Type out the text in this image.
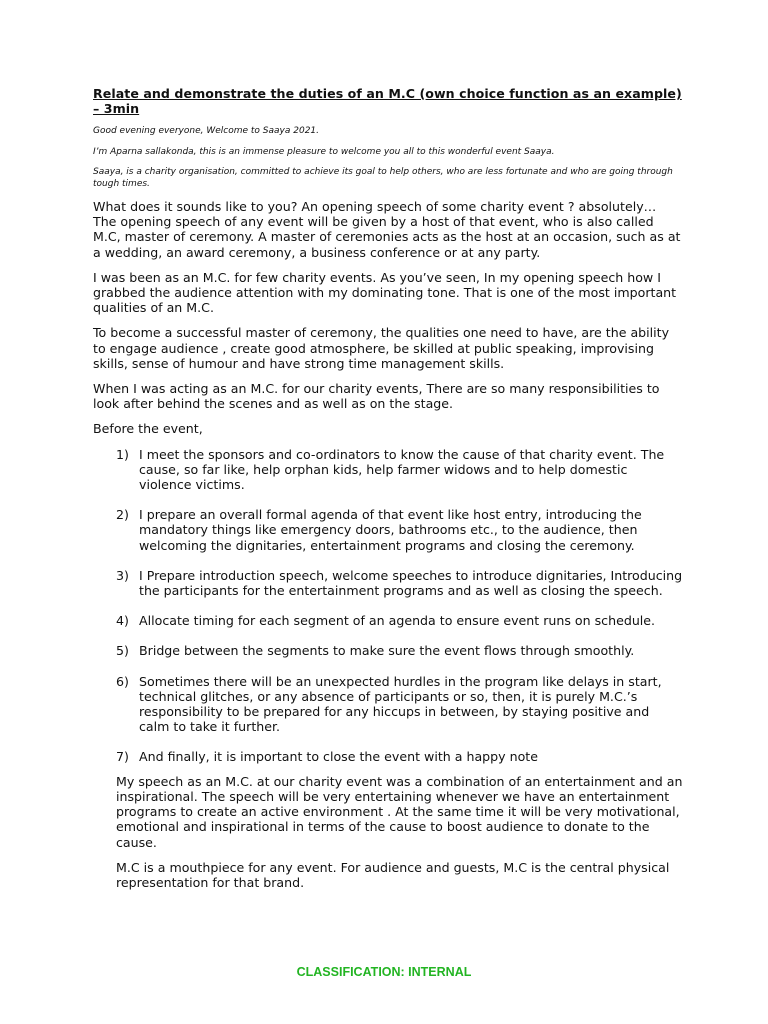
Relate and demonstrate the duties of an M.C (own choice function as an example) – 3min
Good evening everyone, Welcome to Saaya 2021.
I’m Aparna sallakonda, this is an immense pleasure to welcome you all to this wonderful event Saaya.
Saaya, is a charity organisation, committed to achieve its goal to help others, who are less fortunate and who are going through tough times.

What does it sounds like to you? An opening speech of some charity event ? absolutely… The opening speech of any event will be given by a host of that event, who is also called M.C, master of ceremony. A master of ceremonies acts as the host at an occasion, such as at a wedding, an award ceremony, a business conference or at any party.

I was been as an M.C. for few charity events. As you’ve seen, In my opening speech how I grabbed the audience attention with my dominating tone. That is one of the most important qualities of an M.C.

To become a successful master of ceremony, the qualities one need to have, are the ability to engage audience , create good atmosphere, be skilled at public speaking, improvising skills, sense of humour and have strong time management skills.

When I was acting as an M.C. for our charity events, There are so many responsibilities to look after behind the scenes and as well as on the stage.

Before the event,

1) I meet the sponsors and co-ordinators to know the cause of that charity event. The cause, so far like, help orphan kids, help farmer widows and to help domestic violence victims.
2) I prepare an overall formal agenda of that event like host entry, introducing the mandatory things like emergency doors, bathrooms etc., to the audience, then welcoming the dignitaries, entertainment programs and closing the ceremony.
3) I Prepare introduction speech, welcome speeches to introduce dignitaries, Introducing the participants for the entertainment programs and as well as closing the speech.
4) Allocate timing for each segment of an agenda to ensure event runs on schedule.
5) Bridge between the segments to make sure the event flows through smoothly.
6) Sometimes there will be an unexpected hurdles in the program like delays in start, technical glitches, or any absence of participants or so, then, it is purely M.C.’s responsibility to be prepared for any hiccups in between, by staying positive and calm to take it further.
7) And finally, it is important to close the event with a happy note

My speech as an M.C. at our charity event was a combination of an entertainment and an inspirational. The speech will be very entertaining whenever we have an entertainment programs to create an active environment . At the same time it will be very motivational, emotional and inspirational in terms of the cause to boost audience to donate to the cause.

M.C is a mouthpiece for any event. For audience and guests, M.C is the central physical representation for that brand.

CLASSIFICATION: INTERNAL
